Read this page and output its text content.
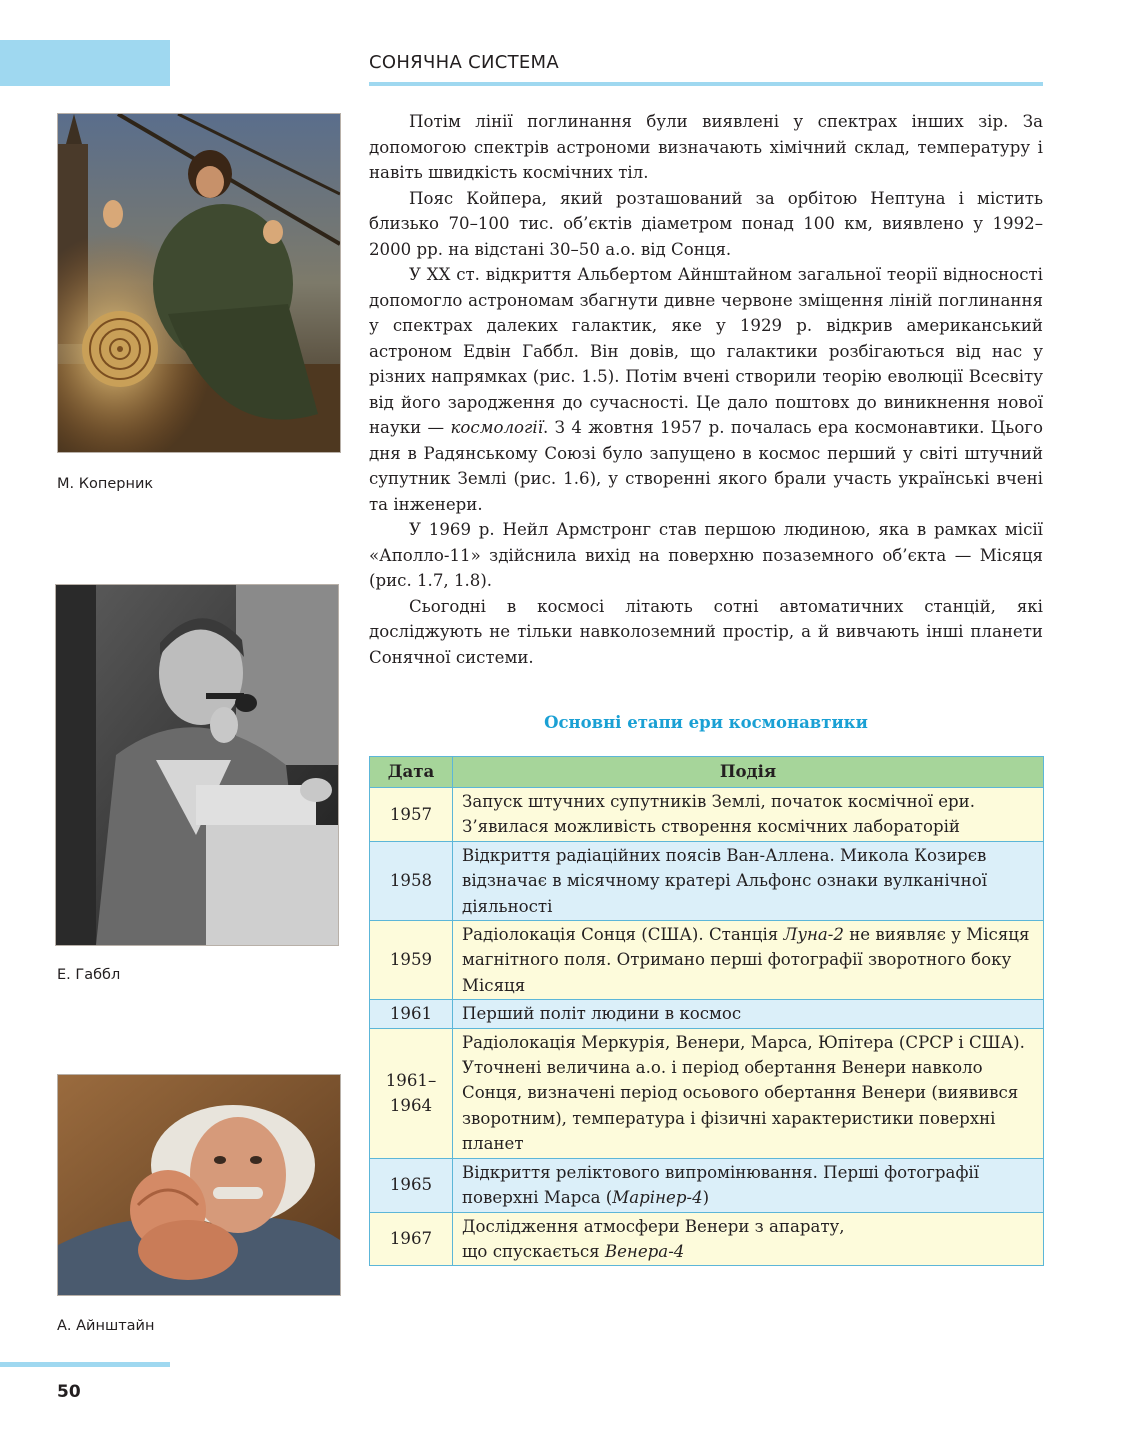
СОНЯЧНА СИСТЕМА
М. Коперник
Е. Габбл
А. Айнштайн

Потім лінії поглинання були виявлені у спектрах інших зір. За допомогою спектрів астрономи визначають хімічний склад, температуру і навіть швидкість космічних тіл.

Пояс Койпера, який розташований за орбітою Нептуна і містить близько 70–100 тис. об’єктів діаметром понад 100 км, виявлено у 1992–2000 рр. на відстані 30–50 а.о. від Сонця.

У XX ст. відкриття Альбертом Айнштайном загальної теорії відносності допомогло астрономам збагнути дивне червоне зміщення ліній поглинання у спектрах далеких галактик, яке у 1929 р. відкрив американський астроном Едвін Габбл. Він довів, що галактики розбігаються від нас у різних напрямках (рис. 1.5). Потім вчені створили теорію еволюції Всесвіту від його зародження до сучасності. Це дало поштовх до виникнення нової науки — космології. З 4 жовтня 1957 р. почалась ера космонавтики. Цього дня в Радянському Союзі було запущено в космос перший у світі штучний супутник Землі (рис. 1.6), у створенні якого брали участь українські вчені та інженери.

У 1969 р. Нейл Армстронг став першою людиною, яка в рамках місії «Аполло-11» здійснила вихід на поверхню позаземного об’єкта — Місяця (рис. 1.7, 1.8).

Сьогодні в космосі літають сотні автоматичних станцій, які досліджують не тільки навколоземний простір, а й вивчають інші планети Сонячної системи.

Основні етапи ери космонавтики
Дата	Подія
1957	Запуск штучних супутників Землі, початок космічної ери. З’явилася можливість створення космічних лабораторій
1958	Відкриття радіаційних поясів Ван-Аллена. Микола Козирєв відзначає в місячному кратері Альфонс ознаки вулканічної діяльності
1959	Радіолокація Сонця (США). Станція Луна-2 не виявляє у Місяця магнітного поля. Отримано перші фотографії зворотного боку Місяця
1961	Перший політ людини в космос
1961–
1964	Радіолокація Меркурія, Венери, Марса, Юпітера (СРСР і США). Уточнені величина а.о. і період обертання Венери навколо Сонця, визначені період осьового обертання Венери (виявився зворотним), температура і фізичні характеристики поверхні планет
1965	Відкриття реліктового випромінювання. Перші фотографії поверхні Марса (Марінер-4)
1967	Дослідження атмосфери Венери з апарату,
що спускається Венера-4
50
